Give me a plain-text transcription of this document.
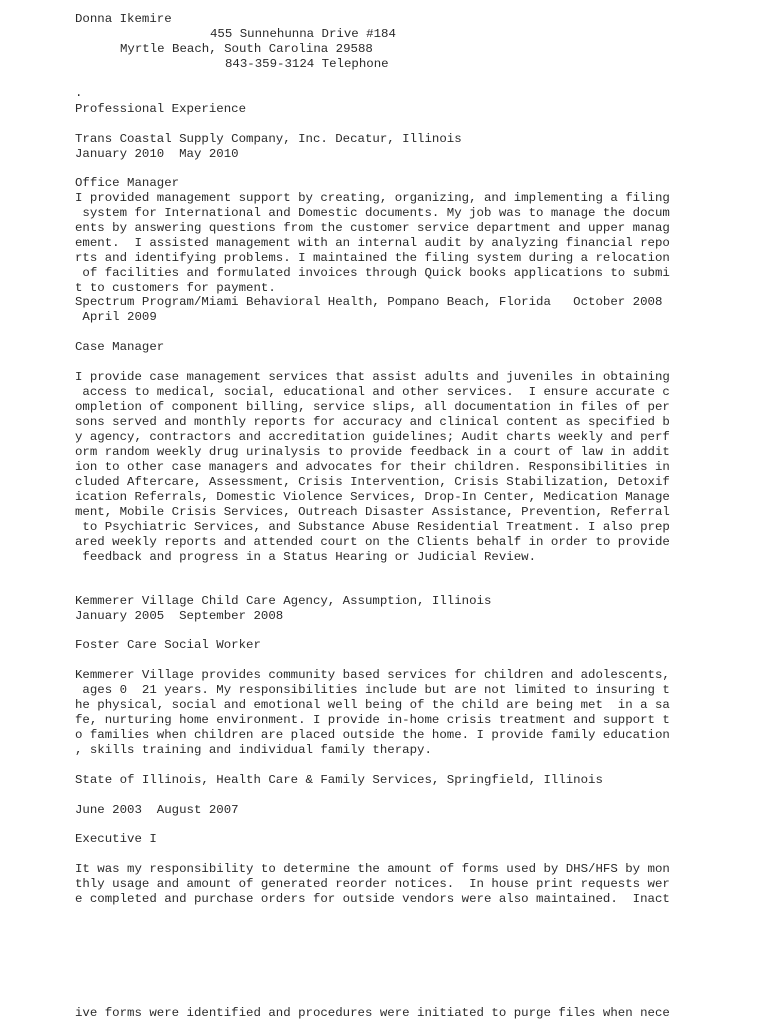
Donna Ikemire
455 Sunnehunna Drive #184
Myrtle Beach, South Carolina 29588
843-359-3124 Telephone
.
Professional Experience
Trans Coastal Supply Company, Inc. Decatur, Illinois
January 2010  May 2010
Office Manager
I provided management support by creating, organizing, and implementing a filing
system for International and Domestic documents. My job was to manage the docum
ents by answering questions from the customer service department and upper manag
ement.  I assisted management with an internal audit by analyzing financial repo
rts and identifying problems. I maintained the filing system during a relocation
of facilities and formulated invoices through Quick books applications to submi
t to customers for payment.
Spectrum Program/Miami Behavioral Health, Pompano Beach, Florida   October 2008
April 2009
Case Manager
I provide case management services that assist adults and juveniles in obtaining
access to medical, social, educational and other services.  I ensure accurate c
ompletion of component billing, service slips, all documentation in files of per
sons served and monthly reports for accuracy and clinical content as specified b
y agency, contractors and accreditation guidelines; Audit charts weekly and perf
orm random weekly drug urinalysis to provide feedback in a court of law in addit
ion to other case managers and advocates for their children. Responsibilities in
cluded Aftercare, Assessment, Crisis Intervention, Crisis Stabilization, Detoxif
ication Referrals, Domestic Violence Services, Drop-In Center, Medication Manage
ment, Mobile Crisis Services, Outreach Disaster Assistance, Prevention, Referral
to Psychiatric Services, and Substance Abuse Residential Treatment. I also prep
ared weekly reports and attended court on the Clients behalf in order to provide
feedback and progress in a Status Hearing or Judicial Review.
Kemmerer Village Child Care Agency, Assumption, Illinois
January 2005  September 2008
Foster Care Social Worker
Kemmerer Village provides community based services for children and adolescents,
ages 0  21 years. My responsibilities include but are not limited to insuring t
he physical, social and emotional well being of the child are being met  in a sa
fe, nurturing home environment. I provide in-home crisis treatment and support t
o families when children are placed outside the home. I provide family education
, skills training and individual family therapy.
State of Illinois, Health Care & Family Services, Springfield, Illinois
June 2003  August 2007
Executive I
It was my responsibility to determine the amount of forms used by DHS/HFS by mon
thly usage and amount of generated reorder notices.  In house print requests wer
e completed and purchase orders for outside vendors were also maintained.  Inact
ive forms were identified and procedures were initiated to purge files when nece
